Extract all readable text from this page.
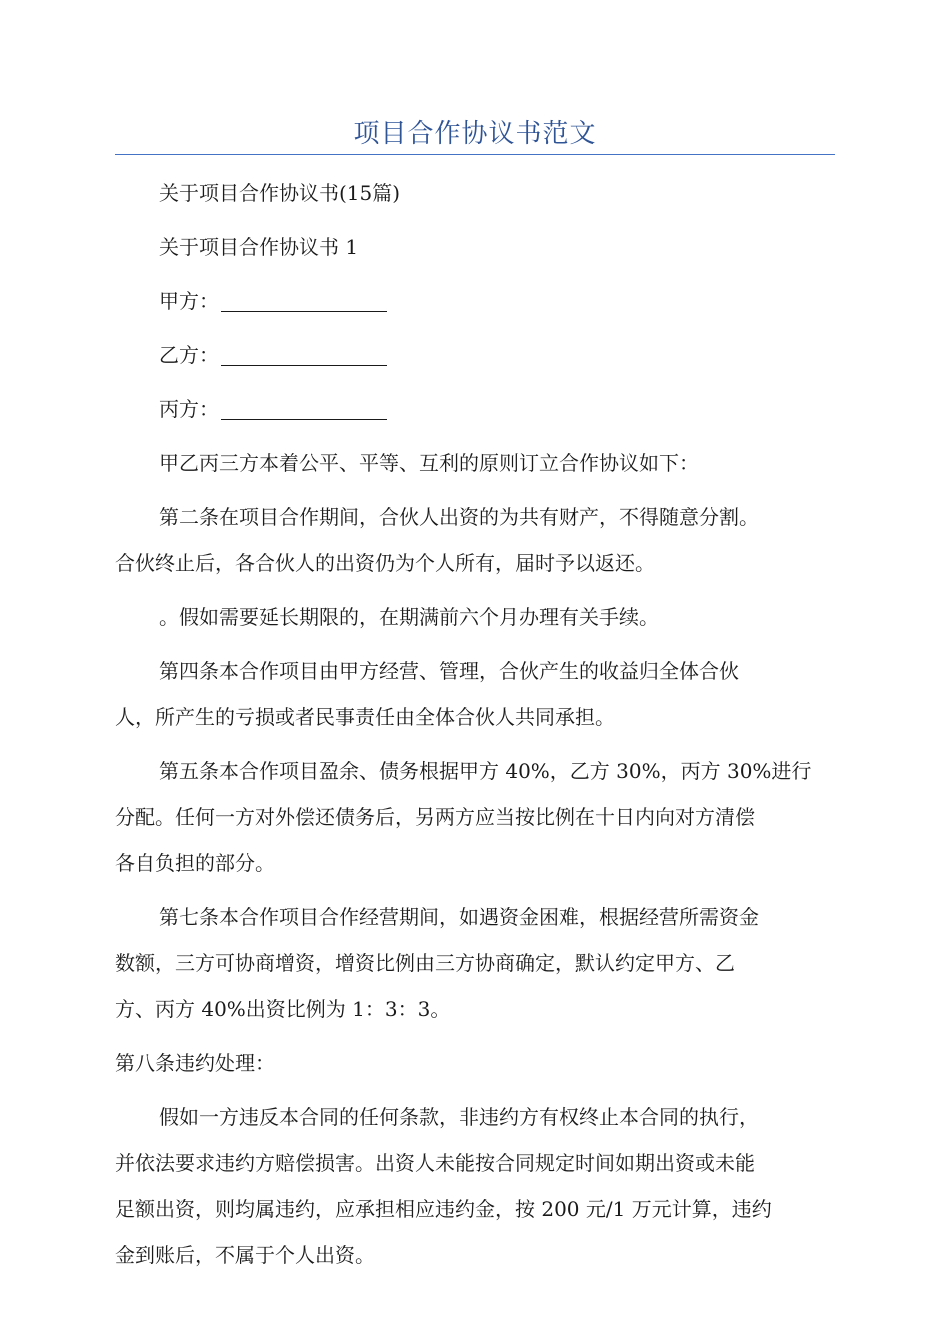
项目合作协议书范文

关于项目合作协议书(15篇)

关于项目合作协议书 1

甲方：

乙方：

丙方：

甲乙丙三方本着公平、平等、互利的原则订立合作协议如下：

第二条在项目合作期间，合伙人出资的为共有财产，不得随意分割。
合伙终止后，各合伙人的出资仍为个人所有，届时予以返还。

。假如需要延长期限的，在期满前六个月办理有关手续。

第四条本合作项目由甲方经营、管理，合伙产生的收益归全体合伙
人，所产生的亏损或者民事责任由全体合伙人共同承担。

第五条本合作项目盈余、债务根据甲方 40%，乙方 30%，丙方 30%进行
分配。任何一方对外偿还债务后，另两方应当按比例在十日内向对方清偿
各自负担的部分。

第七条本合作项目合作经营期间，如遇资金困难，根据经营所需资金
数额，三方可协商增资，增资比例由三方协商确定，默认约定甲方、乙
方、丙方 40%出资比例为 1：3：3。

第八条违约处理：

假如一方违反本合同的任何条款，非违约方有权终止本合同的执行，
并依法要求违约方赔偿损害。出资人未能按合同规定时间如期出资或未能
足额出资，则均属违约，应承担相应违约金，按 200 元/1 万元计算，违约
金到账后，不属于个人出资。
